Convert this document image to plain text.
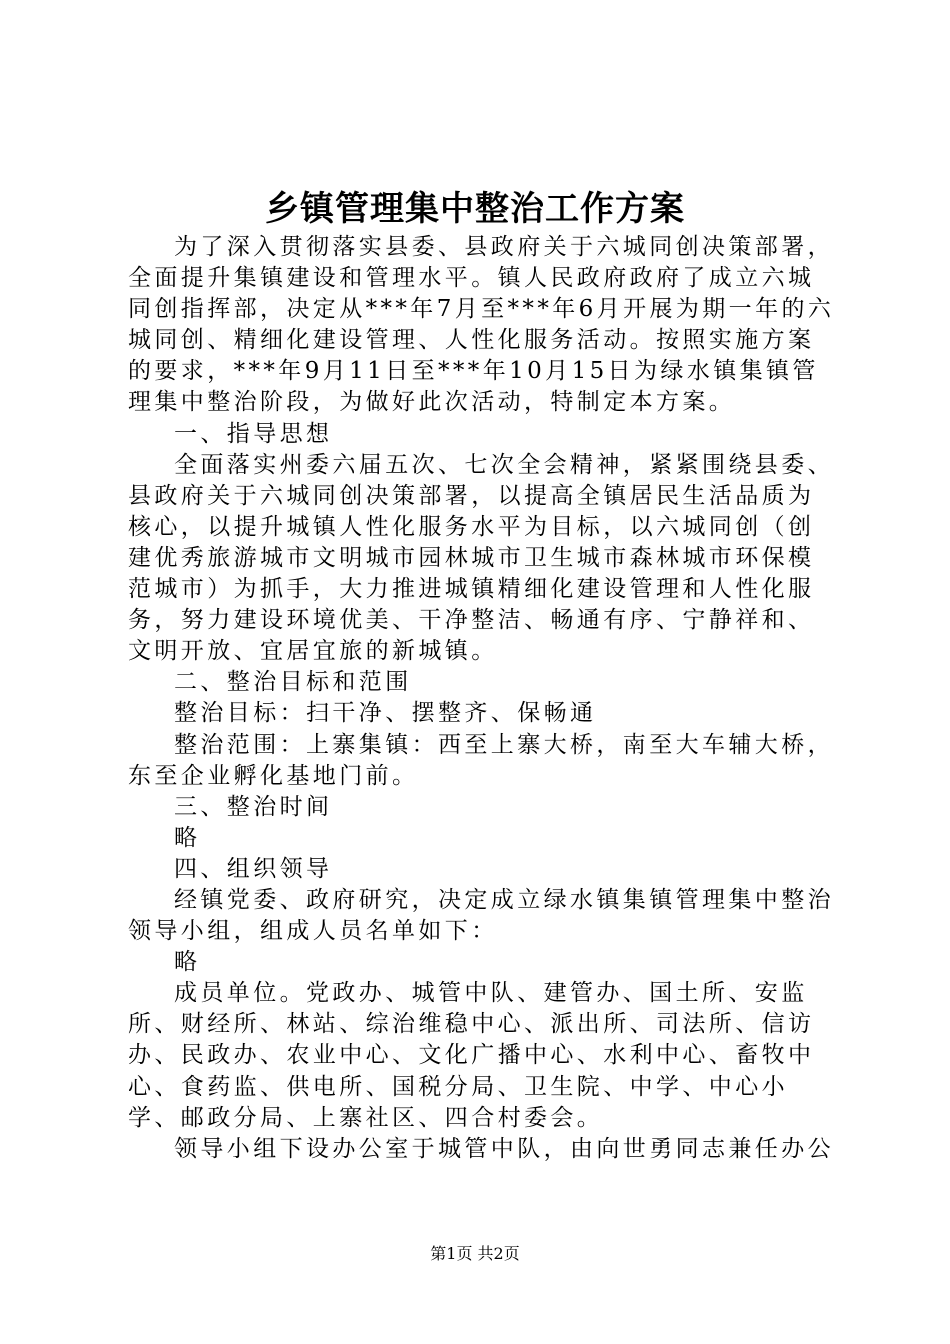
乡镇管理集中整治工作方案

为了深入贯彻落实县委、县政府关于六城同创决策部署，全面提升集镇建设和管理水平。镇人民政府政府了成立六城同创指挥部，决定从***年7月至***年6月开展为期一年的六城同创、精细化建设管理、人性化服务活动。按照实施方案的要求，***年9月11日至***年10月15日为绿水镇集镇管理集中整治阶段，为做好此次活动，特制定本方案。

一、指导思想

全面落实州委六届五次、七次全会精神，紧紧围绕县委、县政府关于六城同创决策部署，以提高全镇居民生活品质为核心，以提升城镇人性化服务水平为目标，以六城同创（创建优秀旅游城市文明城市园林城市卫生城市森林城市环保模范城市）为抓手，大力推进城镇精细化建设管理和人性化服务，努力建设环境优美、干净整洁、畅通有序、宁静祥和、文明开放、宜居宜旅的新城镇。

二、整治目标和范围

整治目标：扫干净、摆整齐、保畅通

整治范围：上寨集镇：西至上寨大桥，南至大车辅大桥，东至企业孵化基地门前。

三、整治时间

略

四、组织领导

经镇党委、政府研究，决定成立绿水镇集镇管理集中整治领导小组，组成人员名单如下：

略

成员单位。党政办、城管中队、建管办、国土所、安监所、财经所、林站、综治维稳中心、派出所、司法所、信访办、民政办、农业中心、文化广播中心、水利中心、畜牧中心、食药监、供电所、国税分局、卫生院、中学、中心小学、邮政分局、上寨社区、四合村委会。

领导小组下设办公室于城管中队，由向世勇同志兼任办公

第1页 共2页
